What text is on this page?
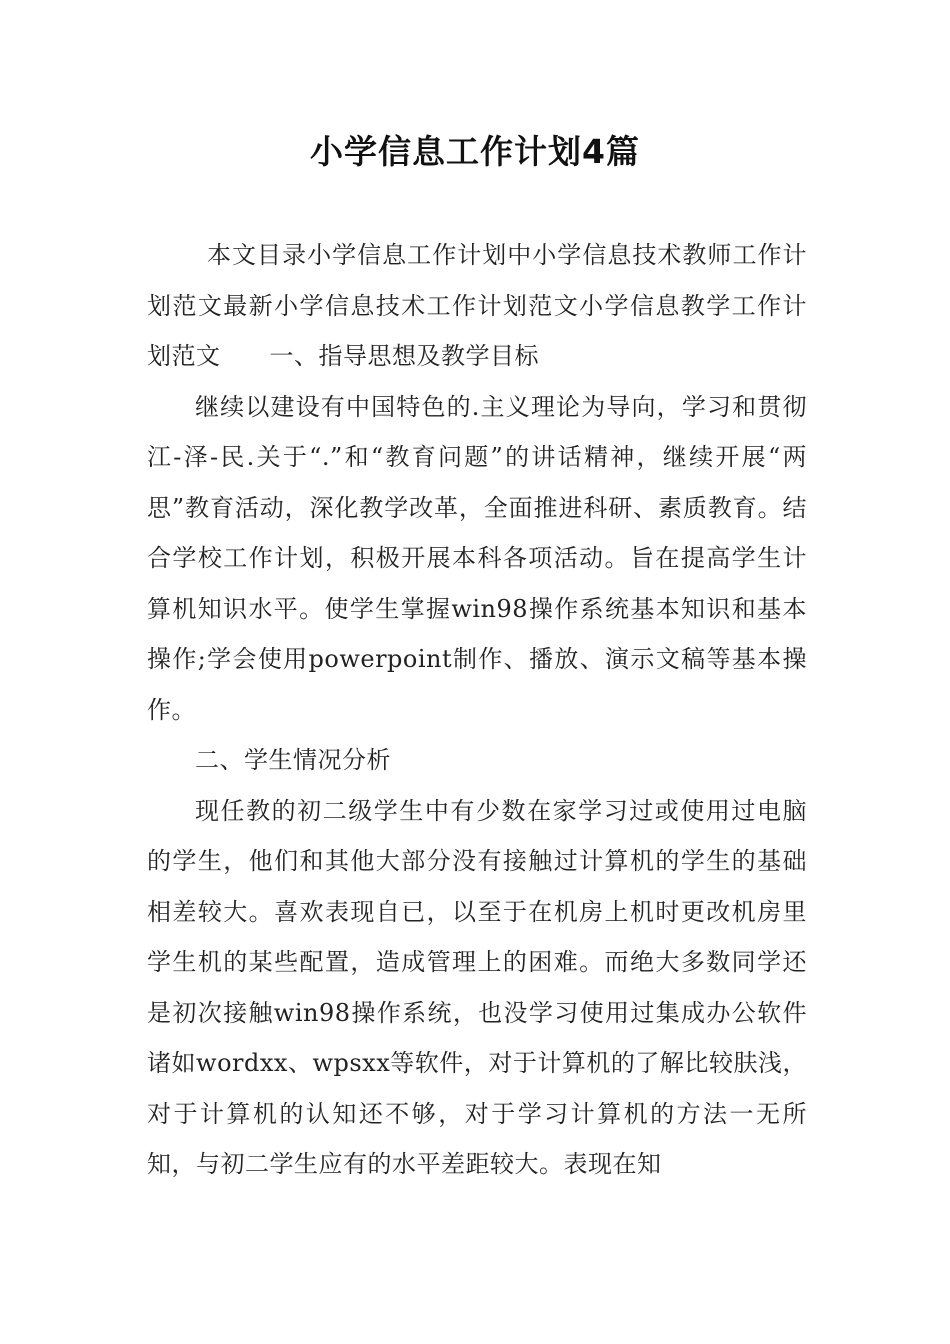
小学信息工作计划4篇

本文目录小学信息工作计划中小学信息技术教师工作计划范文最新小学信息技术工作计划范文小学信息教学工作计划范文　　一、指导思想及教学目标

继续以建设有中国特色的.主义理论为导向，学习和贯彻江-泽-民.关于“.”和“教育问题”的讲话精神，继续开展“两思”教育活动，深化教学改革，全面推进科研、素质教育。结合学校工作计划，积极开展本科各项活动。旨在提高学生计算机知识水平。使学生掌握win98操作系统基本知识和基本操作;学会使用powerpoint制作、播放、演示文稿等基本操作。

二、学生情况分析

现任教的初二级学生中有少数在家学习过或使用过电脑的学生，他们和其他大部分没有接触过计算机的学生的基础相差较大。喜欢表现自已，以至于在机房上机时更改机房里学生机的某些配置，造成管理上的困难。而绝大多数同学还是初次接触win98操作系统，也没学习使用过集成办公软件诸如wordxx、wpsxx等软件，对于计算机的了解比较肤浅，对于计算机的认知还不够，对于学习计算机的方法一无所知，与初二学生应有的水平差距较大。表现在知
